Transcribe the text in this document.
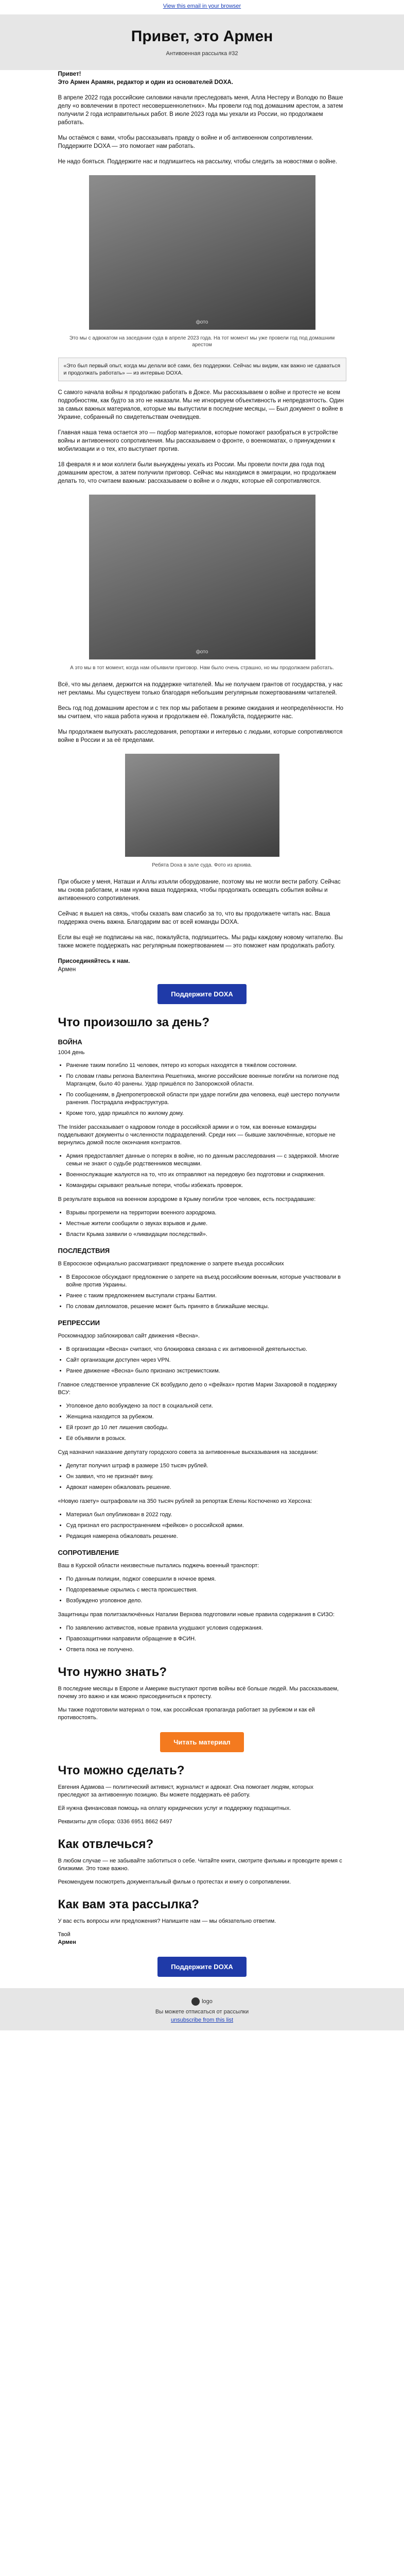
View this email in your browser
Привет, это Армен
Антивоенная рассылка #32

Привет!
Это Армен Арамян, редактор и один из основателей DOXA.

В апреле 2022 года российские силовики начали преследовать меня, Алла Нестеру и Володю по Ваше делу «о вовлечении в протест несовершеннолетних». Мы провели год под домашним арестом, а затем получили 2 года исправительных работ. В июле 2023 года мы уехали из России, но продолжаем работать.

Мы остаёмся с вами, чтобы рассказывать правду о войне и об антивоенном сопротивлении. Поддержите DOXA — это помогает нам работать.

Не надо бояться. Поддержите нас и подпишитесь на рассылку, чтобы следить за новостями о войне.

фото
Это мы с адвокатом на заседании суда в апреле 2023 года. На тот момент мы уже провели год под домашним арестом
«Это был первый опыт, когда мы делали всё сами, без поддержки. Сейчас мы видим, как важно не сдаваться и продолжать работать» — из интервью DOXA.

С самого начала войны я продолжаю работать в Доксе. Мы рассказываем о войне и протесте не всем подробностям, как будто за это не наказали. Мы не игнорируем объективность и непредвзятость. Один за самых важных материалов, которые мы выпустили в последние месяцы, — Был документ о войне в Украине, собранный по свидетельствам очевидцев.

Главная наша тема остается это — подбор материалов, которые помогают разобраться в устройстве войны и антивоенного сопротивления. Мы рассказываем о фронте, о военкоматах, о принуждении к мобилизации и о тех, кто выступает против.

18 февраля я и мои коллеги были вынуждены уехать из России. Мы провели почти два года под домашним арестом, а затем получили приговор. Сейчас мы находимся в эмиграции, но продолжаем делать то, что считаем важным: рассказываем о войне и о людях, которые ей сопротивляются.

фото
А это мы в тот момент, когда нам объявили приговор. Нам было очень страшно, но мы продолжаем работать.

Всё, что мы делаем, держится на поддержке читателей. Мы не получаем грантов от государства, у нас нет рекламы. Мы существуем только благодаря небольшим регулярным пожертвованиям читателей.

Весь год под домашним арестом и с тех пор мы работаем в режиме ожидания и неопределённости. Но мы считаем, что наша работа нужна и продолжаем её. Пожалуйста, поддержите нас.

Мы продолжаем выпускать расследования, репортажи и интервью с людьми, которые сопротивляются войне в России и за её пределами.

Ребята Doxa в зале суда. Фото из архива.

При обыске у меня, Наташи и Аллы изъяли оборудование, поэтому мы не могли вести работу. Сейчас мы снова работаем, и нам нужна ваша поддержка, чтобы продолжать освещать события войны и антивоенного сопротивления.

Сейчас я вышел на связь, чтобы сказать вам спасибо за то, что вы продолжаете читать нас. Ваша поддержка очень важна. Благодарим вас от всей команды DOXA.

Если вы ещё не подписаны на нас, пожалуйста, подпишитесь. Мы рады каждому новому читателю. Вы также можете поддержать нас регулярным пожертвованием — это поможет нам продолжать работу.

Присоединяйтесь к нам.
Армен

Поддержите DOXA
Что произошло за день?
ВОЙНА
1004 день
• Ранение таким погибло 11 человек, пятеро из которых находятся в тяжёлом состоянии.
• По словам главы региона Валентина Решетника, многие российские военные погибли на полигоне под Марганцем, было 40 ранены. Удар пришёлся по Запорожской области.
• По сообщениям, в Днепропетровской области при ударе погибли два человека, ещё шестеро получили ранения. Пострадала инфраструктура.
• Кроме того, удар пришёлся по жилому дому.

The Insider рассказывает о кадровом голоде в российской армии и о том, как военные командиры подделывают документы о численности подразделений. Среди них — бывшие заключённые, которые не вернулись домой после окончания контрактов.

• Армия предоставляет данные о потерях в войне, но по данным расследования — с задержкой. Многие семьи не знают о судьбе родственников месяцами.
• Военнослужащие жалуются на то, что их отправляют на передовую без подготовки и снаряжения.
• Командиры скрывают реальные потери, чтобы избежать проверок.

В результате взрывов на военном аэродроме в Крыму погибли трое человек, есть пострадавшие:

• Взрывы прогремели на территории военного аэродрома.
• Местные жители сообщили о звуках взрывов и дыме.
• Власти Крыма заявили о «ликвидации последствий».
ПОСЛЕДСТВИЯ

В Евросоюзе официально рассматривают предложение о запрете въезда российских

• В Евросоюзе обсуждают предложение о запрете на въезд российским военным, которые участвовали в войне против Украины.
• Ранее с таким предложением выступали страны Балтии.
• По словам дипломатов, решение может быть принято в ближайшие месяцы.
РЕПРЕССИИ

Роскомнадзор заблокировал сайт движения «Весна».

• В организации «Весна» считают, что блокировка связана с их антивоенной деятельностью.
• Сайт организации доступен через VPN.
• Ранее движение «Весна» было признано экстремистским.

Главное следственное управление СК возбудило дело о «фейках» против Марии Захаровой в поддержку ВСУ:

• Уголовное дело возбуждено за пост в социальной сети.
• Женщина находится за рубежом.
• Ей грозит до 10 лет лишения свободы.
• Её объявили в розыск.

Суд назначил наказание депутату городского совета за антивоенные высказывания на заседании:

• Депутат получил штраф в размере 150 тысяч рублей.
• Он заявил, что не признаёт вину.
• Адвокат намерен обжаловать решение.

«Новую газету» оштрафовали на 350 тысяч рублей за репортаж Елены Костюченко из Херсона:

• Материал был опубликован в 2022 году.
• Суд признал его распространением «фейков» о российской армии.
• Редакция намерена обжаловать решение.
СОПРОТИВЛЕНИЕ

Ваш в Курской области неизвестные пытались поджечь военный транспорт:

• По данным полиции, поджог совершили в ночное время.
• Подозреваемые скрылись с места происшествия.
• Возбуждено уголовное дело.

Защитницы прав политзаключённых Наталии Верхова подготовили новые правила содержания в СИЗО:

• По заявлению активистов, новые правила ухудшают условия содержания.
• Правозащитники направили обращение в ФСИН.
• Ответа пока не получено.
Что нужно знать?

В последние месяцы в Европе и Америке выступают против войны всё больше людей. Мы рассказываем, почему это важно и как можно присоединиться к протесту.

Мы также подготовили материал о том, как российская пропаганда работает за рубежом и как ей противостоять.

Читать материал
Что можно сделать?

Евгения Адамова — политический активист, журналист и адвокат. Она помогает людям, которых преследуют за антивоенную позицию. Вы можете поддержать её работу.

Ей нужна финансовая помощь на оплату юридических услуг и поддержку подзащитных.

Реквизиты для сбора: 0336 6951 8662 6497

Как отвлечься?

В любом случае — не забывайте заботиться о себе. Читайте книги, смотрите фильмы и проводите время с близкими. Это тоже важно.

Рекомендуем посмотреть документальный фильм о протестах и книгу о сопротивлении.

Как вам эта рассылка?

У вас есть вопросы или предложения? Напишите нам — мы обязательно ответим.

Твой
Армен

Поддержите DOXA
logo
Вы можете отписаться от рассылки
unsubscribe from this list
